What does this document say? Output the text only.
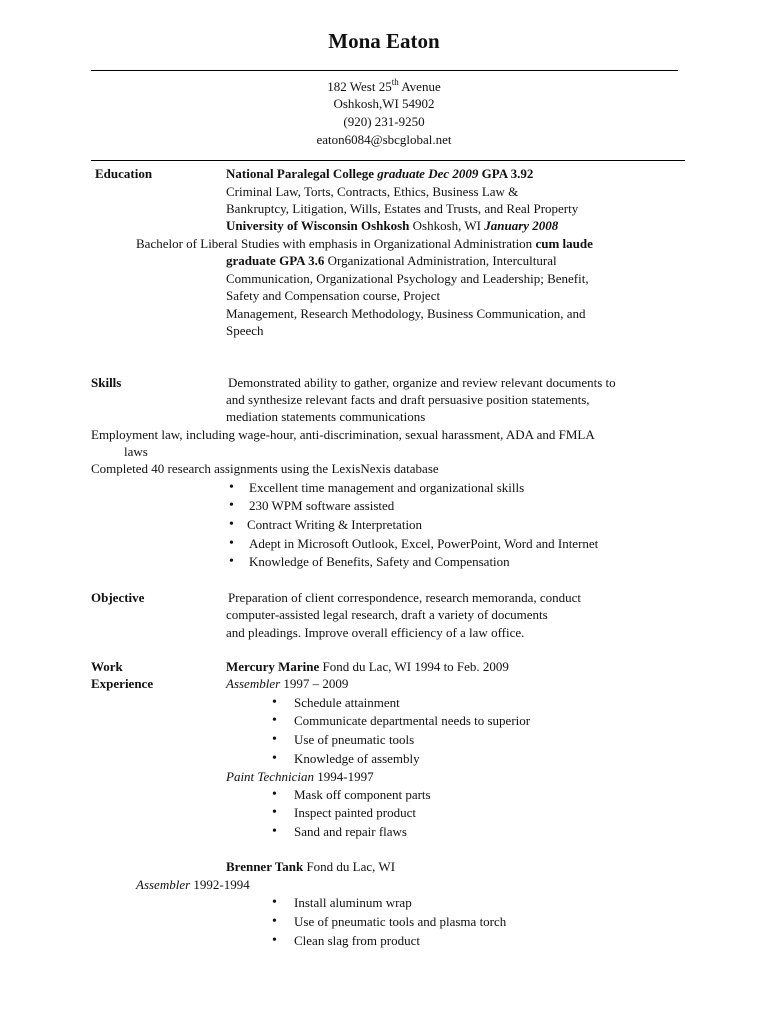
Mona Eaton
182 West 25th Avenue
Oshkosh,WI 54902
(920) 231-9250
eaton6084@sbcglobal.net
Education	National Paralegal College graduate Dec 2009 GPA 3.92
Criminal Law, Torts, Contracts, Ethics, Business Law &
Bankruptcy, Litigation, Wills, Estates and Trusts, and Real Property
University of Wisconsin Oshkosh Oshkosh, WI January 2008
Bachelor of Liberal Studies with emphasis in Organizational Administration cum laude
graduate GPA 3.6 Organizational Administration, Intercultural
Communication, Organizational Psychology and Leadership; Benefit,
Safety and Compensation course, Project
Management, Research Methodology, Business Communication, and
Speech
Skills	Demonstrated ability to gather, organize and review relevant documents to
and synthesize relevant facts and draft persuasive position statements,
mediation statements communications
Employment law, including wage-hour, anti-discrimination, sexual harassment, ADA and FMLA
laws
Completed 40 research assignments using the LexisNexis database
• Excellent time management and organizational skills
• 230 WPM software assisted
• Contract Writing & Interpretation
• Adept in Microsoft Outlook, Excel, PowerPoint, Word and Internet
• Knowledge of Benefits, Safety and Compensation
Objective	Preparation of client correspondence, research memoranda, conduct
computer-assisted legal research, draft a variety of documents
and pleadings. Improve overall efficiency of a law office.
Work
Experience
Mercury Marine Fond du Lac, WI 1994 to Feb. 2009
Assembler 1997 – 2009
• Schedule attainment
• Communicate departmental needs to superior
• Use of pneumatic tools
• Knowledge of assembly
Paint Technician 1994-1997
• Mask off component parts
• Inspect painted product
• Sand and repair flaws
Brenner Tank Fond du Lac, WI
Assembler 1992-1994
• Install aluminum wrap
• Use of pneumatic tools and plasma torch
• Clean slag from product
